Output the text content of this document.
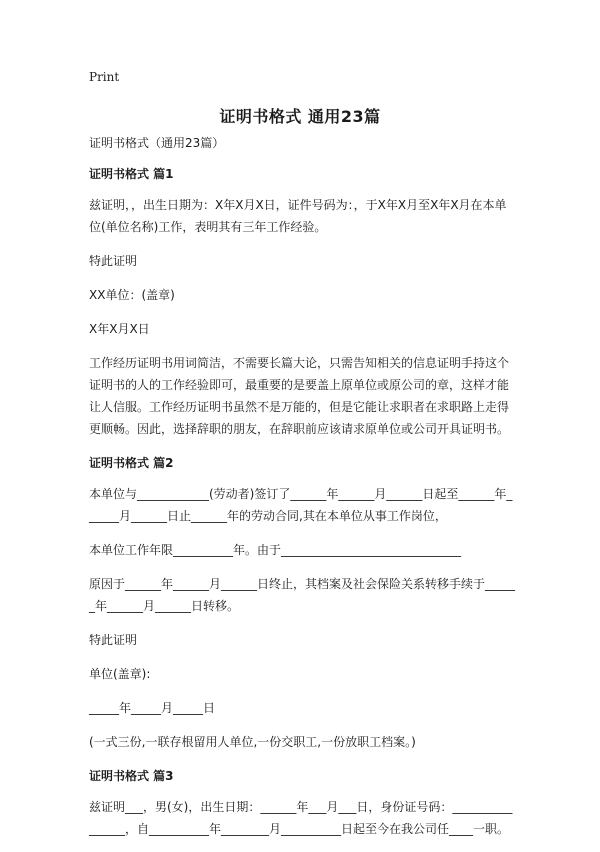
Print
证明书格式 通用23篇

证明书格式（通用23篇）

证明书格式 篇1

兹证明，，出生日期为：X年X月X日，证件号码为：，于X年X月至X年X月在本单位(单位名称)工作，表明其有三年工作经验。

特此证明

XX单位：(盖章)

X年X月X日

工作经历证明书用词简洁，不需要长篇大论，只需告知相关的信息证明手持这个证明书的人的工作经验即可，最重要的是要盖上原单位或原公司的章，这样才能让人信服。工作经历证明书虽然不是万能的，但是它能让求职者在求职路上走得更顺畅。因此，选择辞职的朋友，在辞职前应该请求原单位或公司开具证明书。

证明书格式 篇2

本单位与____________(劳动者)签订了______年______月______日起至______年______月______日止______年的劳动合同,其在本单位从事工作岗位，

本单位工作年限__________年。由于______________________________

原因于______年______月______日终止，其档案及社会保险关系转移手续于______年______月______日转移。

特此证明

单位(盖章):

_____年_____月_____日

(一式三份,一联存根留用人单位,一份交职工,一份放职工档案。)

证明书格式 篇3

兹证明___，男(女)，出生日期：______年___月___日，身份证号码：________________，自__________年________月__________日起至今在我公司任____一职。
